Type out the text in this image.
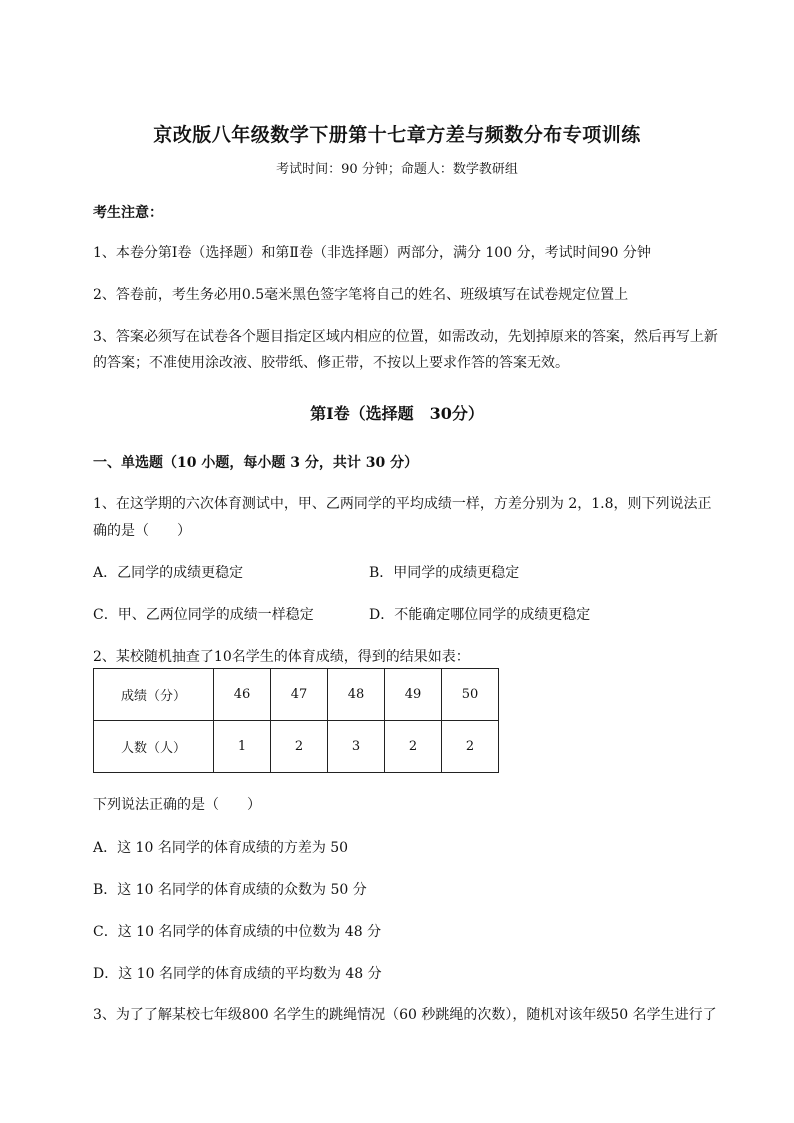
京改版八年级数学下册第十七章方差与频数分布专项训练
考试时间：90 分钟；命题人：数学教研组
考生注意：
1、本卷分第Ⅰ卷（选择题）和第Ⅱ卷（非选择题）两部分，满分 100 分，考试时间90 分钟
2、答卷前，考生务必用0.5毫米黑色签字笔将自己的姓名、班级填写在试卷规定位置上
3、答案必须写在试卷各个题目指定区域内相应的位置，如需改动，先划掉原来的答案，然后再写上新
的答案；不准使用涂改液、胶带纸、修正带，不按以上要求作答的答案无效。
第Ⅰ卷（选择题　30分）
一、单选题（10 小题，每小题 3 分，共计 30 分）
1、在这学期的六次体育测试中，甲、乙两同学的平均成绩一样，方差分别为 2，1.8，则下列说法正
确的是（　　）
A．乙同学的成绩更稳定	B．甲同学的成绩更稳定
C．甲、乙两位同学的成绩一样稳定	D．不能确定哪位同学的成绩更稳定
2、某校随机抽查了10名学生的体育成绩，得到的结果如表：
成绩（分）	46	47	48	49	50
人数（人）	1	2	3	2	2
下列说法正确的是（　　）
A．这 10 名同学的体育成绩的方差为 50
B．这 10 名同学的体育成绩的众数为 50 分
C．这 10 名同学的体育成绩的中位数为 48 分
D．这 10 名同学的体育成绩的平均数为 48 分
3、为了了解某校七年级800 名学生的跳绳情况（60 秒跳绳的次数），随机对该年级50 名学生进行了
